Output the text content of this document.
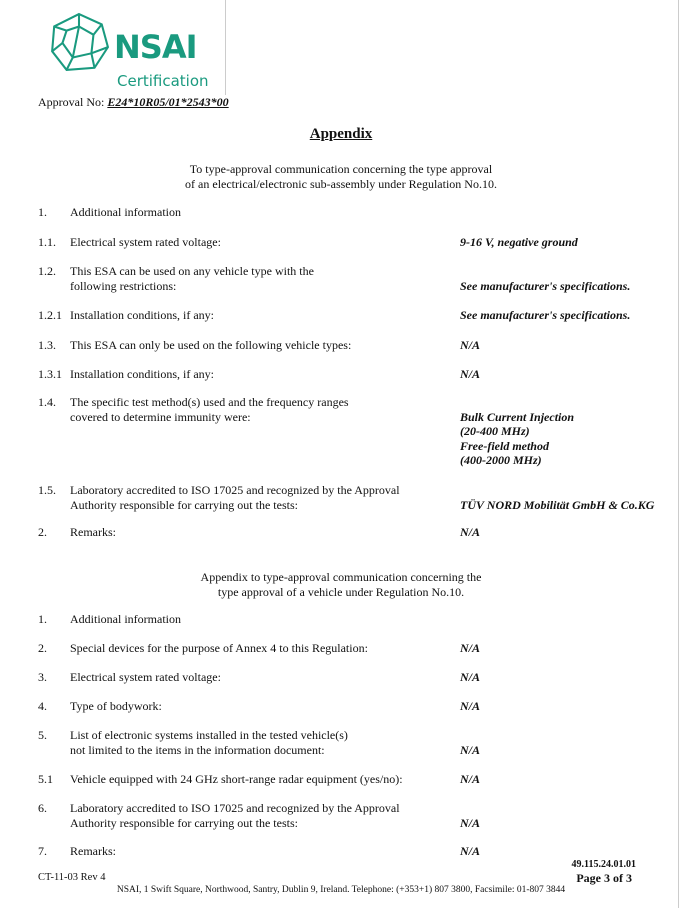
NSAI
Certification
Approval No: E24*10R05/01*2543*00
Appendix
To type-approval communication concerning the type approval
of an electrical/electronic sub-assembly under Regulation No.10.
1. Additional information
1.1. Electrical system rated voltage:	9-16 V, negative ground
1.2. This ESA can be used on any vehicle type with the
following restrictions:	See manufacturer's specifications.
1.2.1 Installation conditions, if any:	See manufacturer's specifications.
1.3. This ESA can only be used on the following vehicle types:	N/A
1.3.1 Installation conditions, if any:	N/A
1.4. The specific test method(s) used and the frequency ranges
covered to determine immunity were:	Bulk Current Injection
(20-400 MHz)
Free-field method
(400-2000 MHz)
1.5. Laboratory accredited to ISO 17025 and recognized by the Approval
Authority responsible for carrying out the tests:	TÜV NORD Mobilität GmbH & Co.KG
2. Remarks:	N/A
Appendix to type-approval communication concerning the
type approval of a vehicle under Regulation No.10.
1. Additional information
2. Special devices for the purpose of Annex 4 to this Regulation:	N/A
3. Electrical system rated voltage:	N/A
4. Type of bodywork:	N/A
5. List of electronic systems installed in the tested vehicle(s)
not limited to the items in the information document:	N/A
5.1 Vehicle equipped with 24 GHz short-range radar equipment (yes/no):	N/A
6. Laboratory accredited to ISO 17025 and recognized by the Approval
Authority responsible for carrying out the tests:	N/A
7. Remarks:	N/A
49.115.24.01.01
CT-11-03 Rev 4	Page 3 of 3
NSAI, 1 Swift Square, Northwood, Santry, Dublin 9, Ireland. Telephone: (+353+1) 807 3800, Facsimile: 01-807 3844
